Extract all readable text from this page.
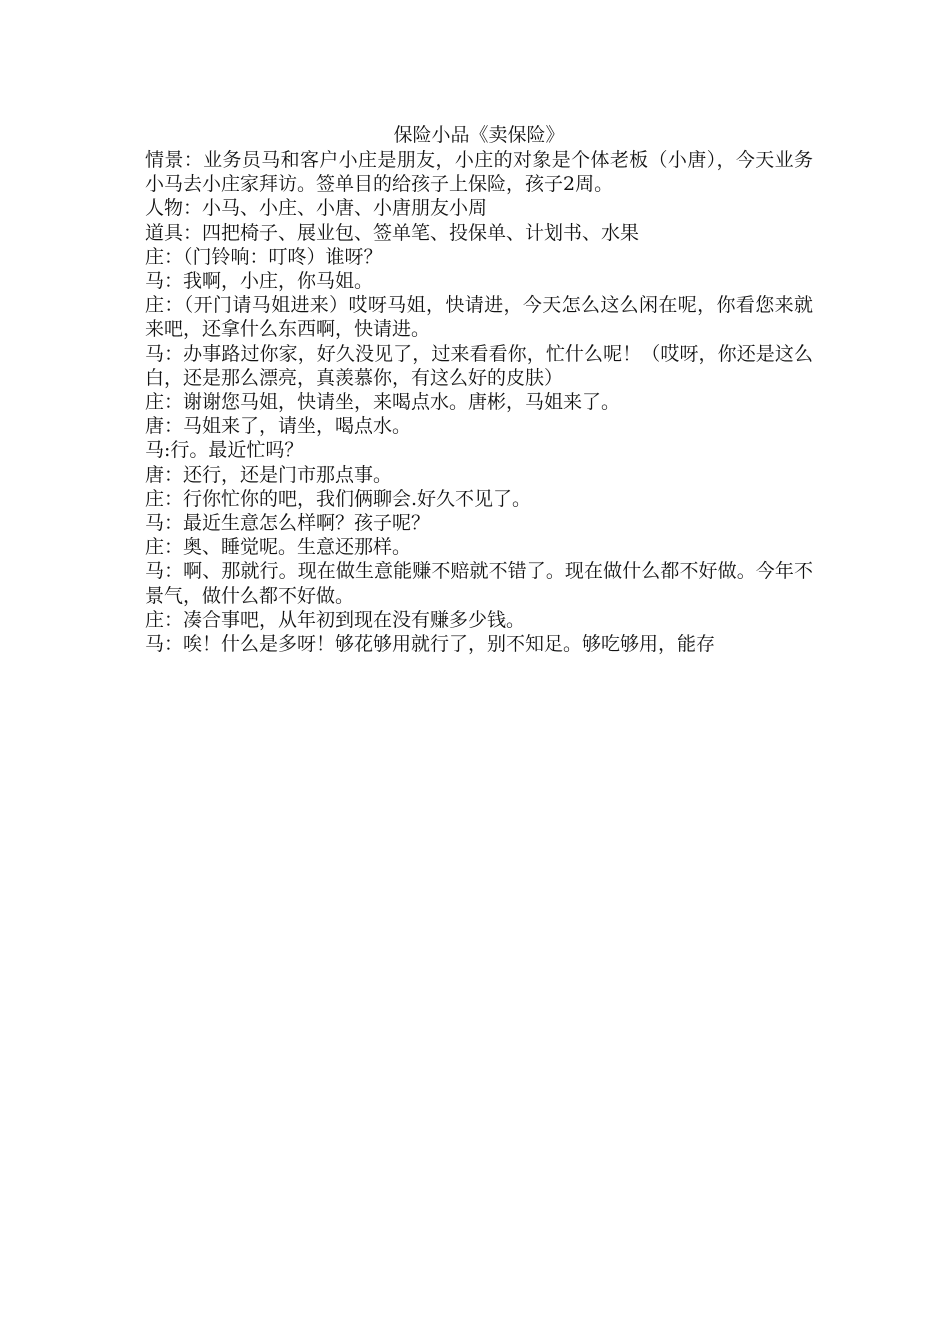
保险小品《卖保险》

情景：业务员马和客户小庄是朋友，小庄的对象是个体老板（小唐），今天业务小马去小庄家拜访。签单目的给孩子上保险，孩子2周。

人物：小马、小庄、小唐、小唐朋友小周

道具：四把椅子、展业包、签单笔、投保单、计划书、水果

庄：（门铃响：叮咚）谁呀？

马：我啊，小庄，你马姐。

庄：（开门请马姐进来）哎呀马姐，快请进，今天怎么这么闲在呢，你看您来就来吧，还拿什么东西啊，快请进。

马：办事路过你家，好久没见了，过来看看你，忙什么呢！（哎呀，你还是这么白，还是那么漂亮，真羡慕你，有这么好的皮肤）

庄：谢谢您马姐，快请坐，来喝点水。唐彬，马姐来了。

唐：马姐来了，请坐，喝点水。

马:行。最近忙吗？

唐：还行，还是门市那点事。

庄：行你忙你的吧，我们俩聊会.好久不见了。

马：最近生意怎么样啊？孩子呢？

庄：奥、睡觉呢。生意还那样。

马：啊、那就行。现在做生意能赚不赔就不错了。现在做什么都不好做。今年不景气，做什么都不好做。

庄：凑合事吧，从年初到现在没有赚多少钱。

马：唉！什么是多呀！够花够用就行了，别不知足。够吃够用，能存
